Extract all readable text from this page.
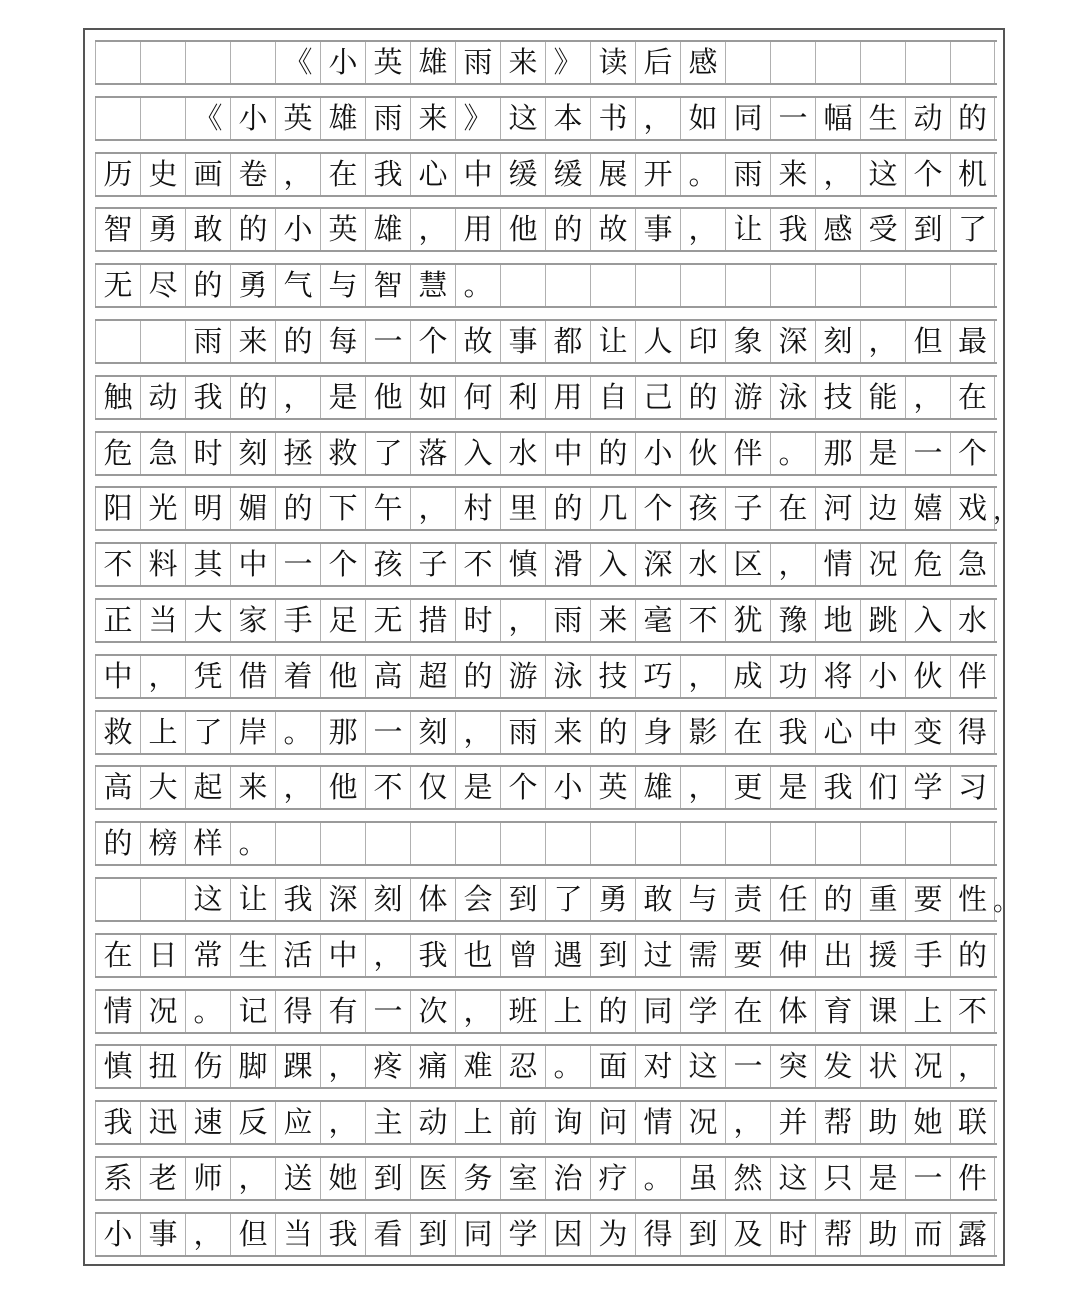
《 小 英 雄 雨 来 》 读 后 感
《 小 英 雄 雨 来 》 这 本 书 ， 如 同 一 幅 生 动 的
历 史 画 卷 ， 在 我 心 中 缓 缓 展 开 。 雨 来 ， 这 个 机
智 勇 敢 的 小 英 雄 ， 用 他 的 故 事 ， 让 我 感 受 到 了
无 尽 的 勇 气 与 智 慧 。
雨 来 的 每 一 个 故 事 都 让 人 印 象 深 刻 ， 但 最
触 动 我 的 ， 是 他 如 何 利 用 自 己 的 游 泳 技 能 ， 在
危 急 时 刻 拯 救 了 落 入 水 中 的 小 伙 伴 。 那 是 一 个
阳 光 明 媚 的 下 午 ， 村 里 的 几 个 孩 子 在 河 边 嬉 戏 ，
不 料 其 中 一 个 孩 子 不 慎 滑 入 深 水 区 ， 情 况 危 急
正 当 大 家 手 足 无 措 时 ， 雨 来 毫 不 犹 豫 地 跳 入 水
中 ， 凭 借 着 他 高 超 的 游 泳 技 巧 ， 成 功 将 小 伙 伴
救 上 了 岸 。 那 一 刻 ， 雨 来 的 身 影 在 我 心 中 变 得
高 大 起 来 ， 他 不 仅 是 个 小 英 雄 ， 更 是 我 们 学 习
的 榜 样 。
这 让 我 深 刻 体 会 到 了 勇 敢 与 责 任 的 重 要 性 。
在 日 常 生 活 中 ， 我 也 曾 遇 到 过 需 要 伸 出 援 手 的
情 况 。 记 得 有 一 次 ， 班 上 的 同 学 在 体 育 课 上 不
慎 扭 伤 脚 踝 ， 疼 痛 难 忍 。 面 对 这 一 突 发 状 况 ，
我 迅 速 反 应 ， 主 动 上 前 询 问 情 况 ， 并 帮 助 她 联
系 老 师 ， 送 她 到 医 务 室 治 疗 。 虽 然 这 只 是 一 件
小 事 ， 但 当 我 看 到 同 学 因 为 得 到 及 时 帮 助 而 露
